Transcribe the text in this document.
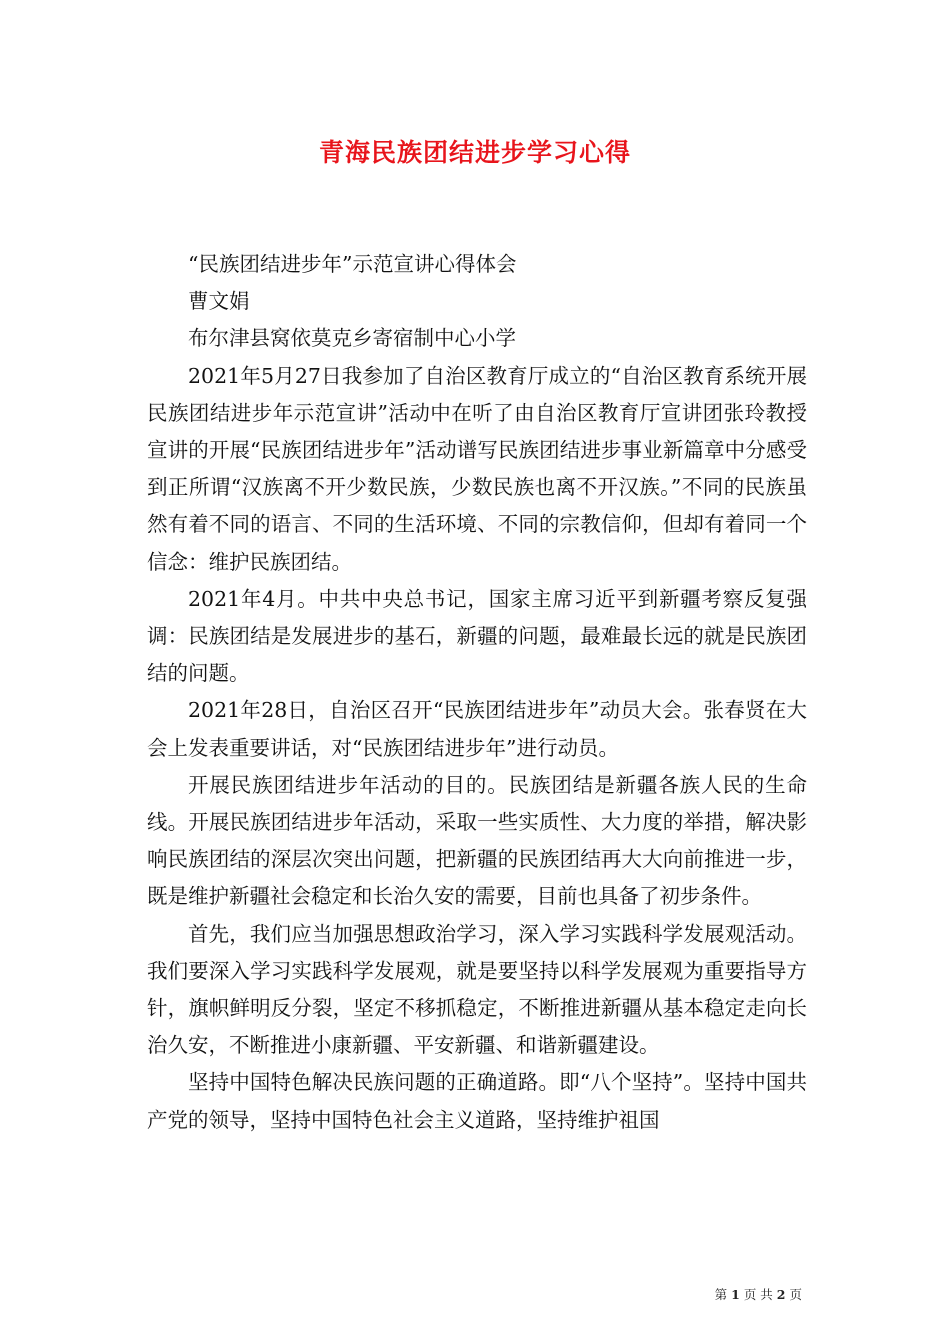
青海民族团结进步学习心得

“民族团结进步年”示范宣讲心得体会

曹文娟

布尔津县窝依莫克乡寄宿制中心小学

2021年5月27日我参加了自治区教育厅成立的“自治区教育系统开展民族团结进步年示范宣讲”活动中在听了由自治区教育厅宣讲团张玲教授宣讲的开展“民族团结进步年”活动谱写民族团结进步事业新篇章中分感受到正所谓“汉族离不开少数民族，少数民族也离不开汉族。”不同的民族虽然有着不同的语言、不同的生活环境、不同的宗教信仰，但却有着同一个信念：维护民族团结。

2021年4月。中共中央总书记，国家主席习近平到新疆考察反复强调：民族团结是发展进步的基石，新疆的问题，最难最长远的就是民族团结的问题。

2021年28日，自治区召开“民族团结进步年”动员大会。张春贤在大会上发表重要讲话，对“民族团结进步年”进行动员。

开展民族团结进步年活动的目的。民族团结是新疆各族人民的生命线。开展民族团结进步年活动，采取一些实质性、大力度的举措，解决影响民族团结的深层次突出问题，把新疆的民族团结再大大向前推进一步，既是维护新疆社会稳定和长治久安的需要，目前也具备了初步条件。

首先，我们应当加强思想政治学习，深入学习实践科学发展观活动。我们要深入学习实践科学发展观，就是要坚持以科学发展观为重要指导方针，旗帜鲜明反分裂，坚定不移抓稳定，不断推进新疆从基本稳定走向长治久安，不断推进小康新疆、平安新疆、和谐新疆建设。

坚持中国特色解决民族问题的正确道路。即“八个坚持”。坚持中国共产党的领导，坚持中国特色社会主义道路，坚持维护祖国

第 1 页 共 2 页
